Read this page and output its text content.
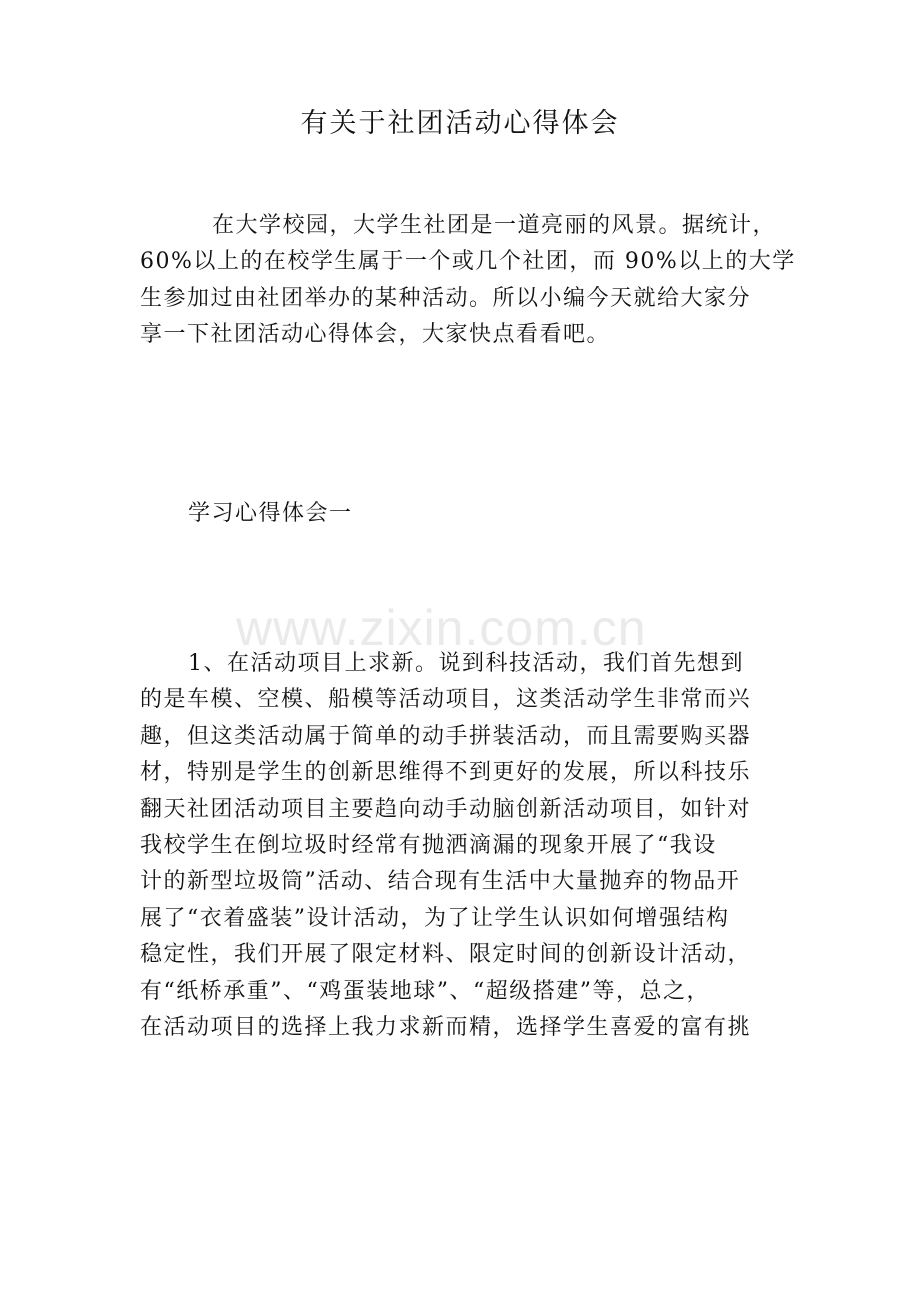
有关于社团活动心得体会
在大学校园，大学生社团是一道亮丽的风景。据统计，
60%以上的在校学生属于一个或几个社团，而 90%以上的大学
生参加过由社团举办的某种活动。所以小编今天就给大家分
享一下社团活动心得体会，大家快点看看吧。
学习心得体会一
www.zixin.com.cn
1、在活动项目上求新。说到科技活动，我们首先想到
的是车模、空模、船模等活动项目，这类活动学生非常而兴
趣，但这类活动属于简单的动手拼装活动，而且需要购买器
材，特别是学生的创新思维得不到更好的发展，所以科技乐
翻天社团活动项目主要趋向动手动脑创新活动项目，如针对
我校学生在倒垃圾时经常有抛洒滴漏的现象开展了“我设
计的新型垃圾筒”活动、结合现有生活中大量抛弃的物品开
展了“衣着盛装”设计活动，为了让学生认识如何增强结构
稳定性，我们开展了限定材料、限定时间的创新设计活动，
有“纸桥承重”、“鸡蛋装地球”、“超级搭建”等，总之，
在活动项目的选择上我力求新而精，选择学生喜爱的富有挑
